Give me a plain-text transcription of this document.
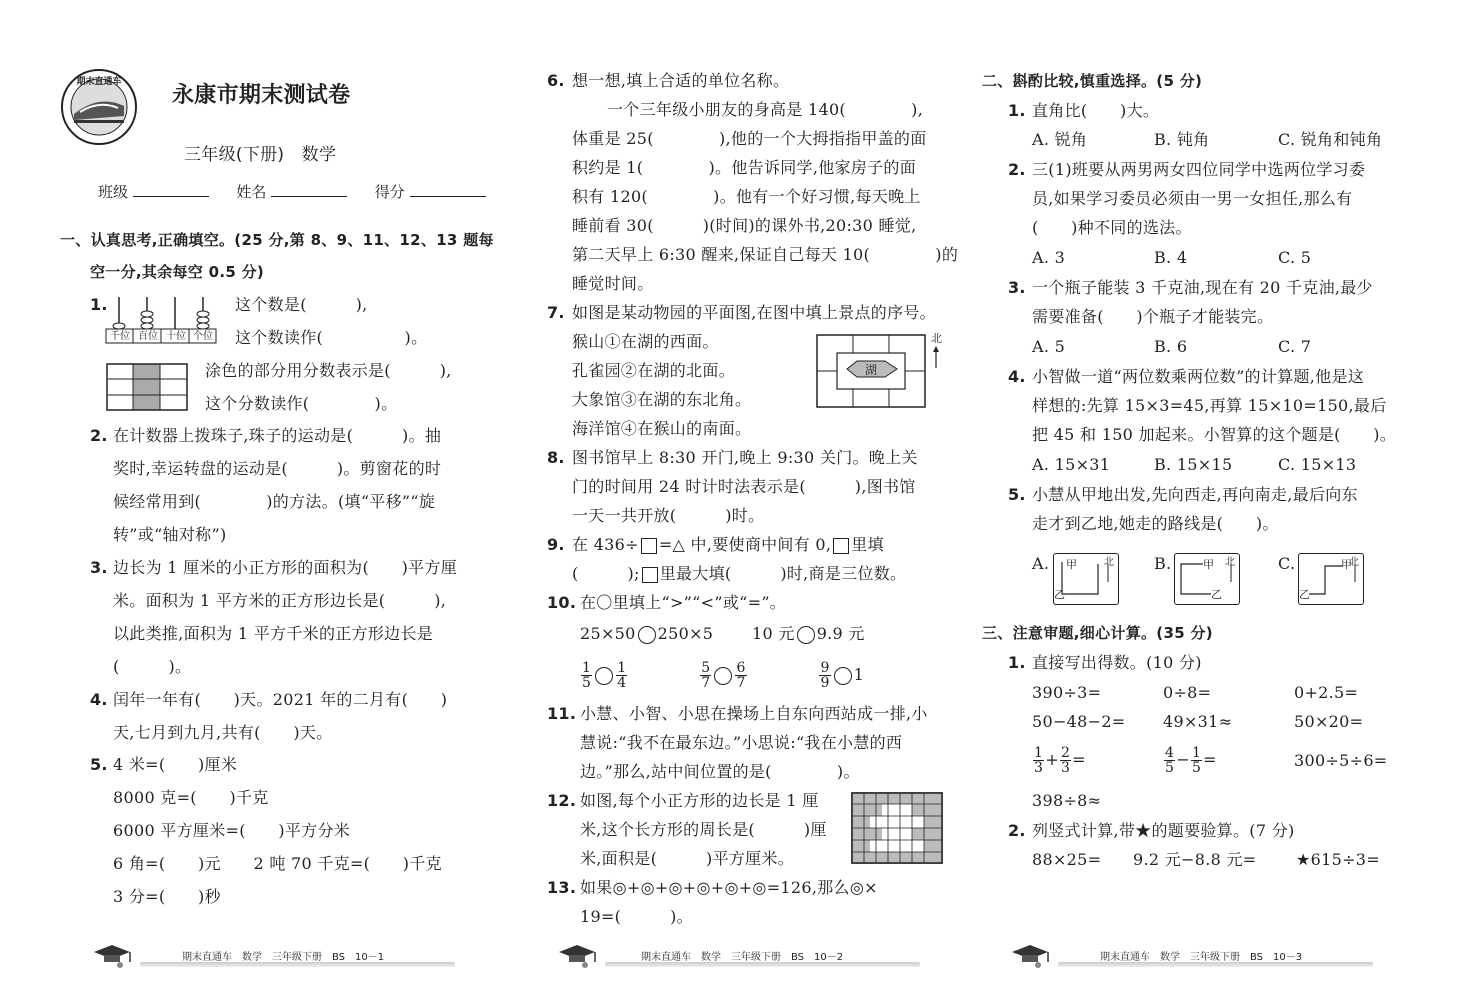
期末直通车
永康市期末测试卷
三年级(下册)　数学
班级	姓名	得分
一、认真思考,正确填空。(25 分,第 8、9、11、12、13 题每
空一分,其余每空 0.5 分)
1.
千位 百位 十位 个位
这个数是(　　　),
这个数读作(　　　　　)。
涂色的部分用分数表示是(　　　),
这个分数读作(　　　　)。
2. 在计数器上拨珠子,珠子的运动是(　　　)。抽
奖时,幸运转盘的运动是(　　　)。剪窗花的时
候经常用到(　　　　)的方法。(填“平移”“旋
转”或“轴对称”)
3. 边长为 1 厘米的小正方形的面积为(　　)平方厘
米。面积为 1 平方米的正方形边长是(　　　),
以此类推,面积为 1 平方千米的正方形边长是
(　　　)。
4. 闰年一年有(　　)天。2021 年的二月有(　　)
天,七月到九月,共有(　　)天。
5. 4 米=(　　)厘米
8000 克=(　　)千克
6000 平方厘米=(　　)平方分米
6 角=(　　)元　　2 吨 70 千克=(　　)千克
3 分=(　　)秒
期末直通车　数学　三年级下册　BS　10－1
6. 想一想,填上合适的单位名称。
一个三年级小朋友的身高是 140(　　　　),
体重是 25(　　　　),他的一个大拇指指甲盖的面
积约是 1(　　　　)。他告诉同学,他家房子的面
积有 120(　　　　)。他有一个好习惯,每天晚上
睡前看 30(　　　)(时间)的课外书,20:30 睡觉,
第二天早上 6:30 醒来,保证自己每天 10(　　　　)的
睡觉时间。
7. 如图是某动物园的平面图,在图中填上景点的序号。
猴山①在湖的西面。
孔雀园②在湖的北面。
大象馆③在湖的东北角。
海洋馆④在猴山的南面。
湖
北
8. 图书馆早上 8:30 开门,晚上 9:30 关门。晚上关
门的时间用 24 时计时法表示是(　　　),图书馆
一天一共开放(　　　)时。
9. 在 436÷ =△ 中,要使商中间有 0, 里填
(　　　); 里最大填(　　　)时,商是三位数。
10. 在〇里填上“>”“<”或“=”。
25×50 250×5 10 元 9.9 元
$\frac{1}{5} \frac{1}{4}$
	$\frac{5}{7} \frac{6}{7}$
	$\frac{9}{9} 1$
11. 小慧、小智、小思在操场上自东向西站成一排,小
慧说:“我不在最东边。”小思说:“我在小慧的西
边。”那么,站中间位置的是(　　　　)。
12. 如图,每个小正方形的边长是 1 厘
米,这个长方形的周长是(　　　)厘
米,面积是(　　　)平方厘米。
13. 如果◎+◎+◎+◎+◎+◎=126,那么◎×
19=(　　　)。
期末直通车　数学　三年级下册　BS　10－2
二、斟酌比较,慎重选择。(5 分)
1. 直角比(　　)大。
A. 锐角	B. 钝角	C. 锐角和钝角
2. 三(1)班要从两男两女四位同学中选两位学习委
员,如果学习委员必须由一男一女担任,那么有
(　　)种不同的选法。
A. 3	B. 4	C. 5
3. 一个瓶子能装 3 千克油,现在有 20 千克油,最少
需要准备(　　)个瓶子才能装完。
A. 5	B. 6	C. 7
4. 小智做一道“两位数乘两位数”的计算题,他是这
样想的:先算 15×3=45,再算 15×10=150,最后
把 45 和 150 加起来。小智算的这个题是(　　)。
A. 15×31	B. 15×15	C. 15×13
5. 小慧从甲地出发,先向西走,再向南走,最后向东
走才到乙地,她走的路线是(　　)。
A.	B.	C.
甲
乙
北	甲
乙
北	甲
乙
北
三、注意审题,细心计算。(35 分)
1. 直接写出得数。(10 分)
390÷3=	0÷8=	0+2.5=
50−48−2= 49×31≈	50×20=
$\frac{1}{3} + \frac{2}{3}$ =	$\frac{4}{5} - \frac{1}{5}$ =	300÷5÷6=
398÷8≈
2. 列竖式计算,带★的题要验算。(7 分)
88×25= 9.2 元−8.8 元= ★615÷3=
期末直通车　数学　三年级下册　BS　10－3
